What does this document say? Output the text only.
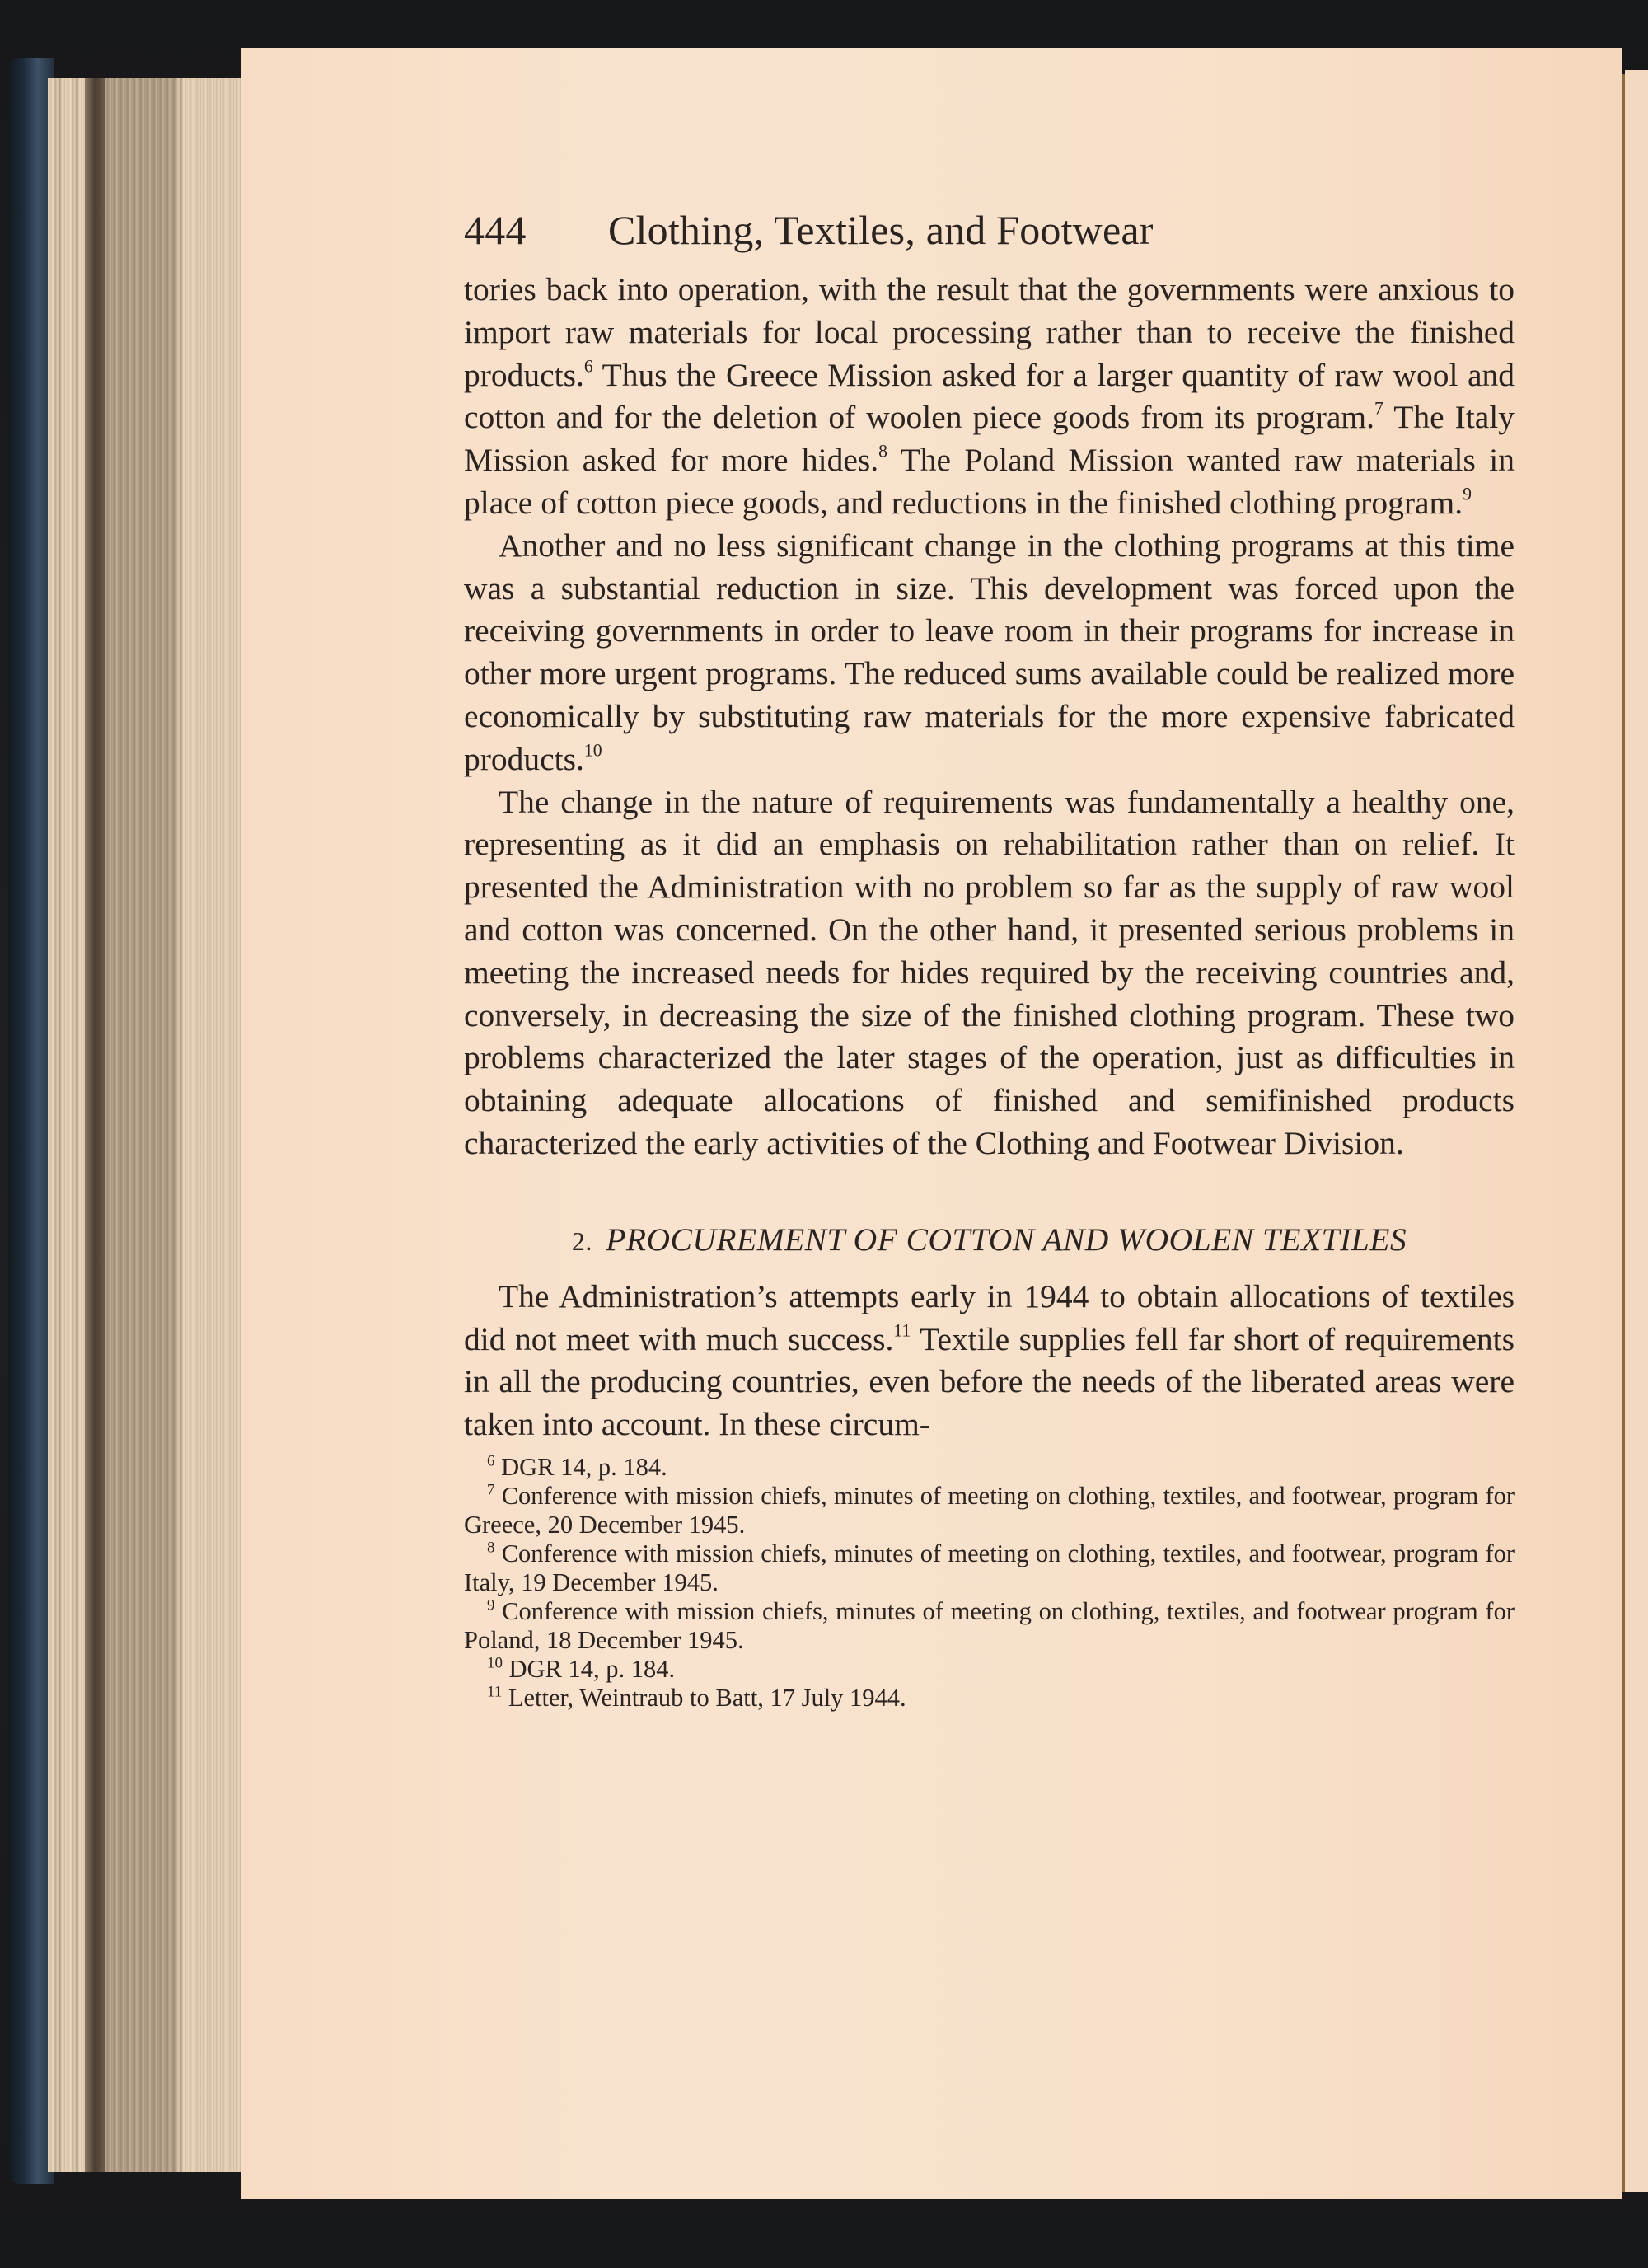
444	Clothing, Textiles, and Footwear

tories back into operation, with the result that the governments were anxious to import raw materials for local processing rather than to receive the finished products.$^6$ Thus the Greece Mission asked for a larger quantity of raw wool and cotton and for the deletion of woolen piece goods from its program.$^7$ The Italy Mission asked for more hides.$^8$ The Poland Mission wanted raw materials in place of cotton piece goods, and reductions in the finished clothing program.$^9$

Another and no less significant change in the clothing programs at this time was a substantial reduction in size. This development was forced upon the receiving governments in order to leave room in their programs for increase in other more urgent programs. The reduced sums available could be realized more economically by substituting raw materials for the more expensive fabricated products.$^{10}$

The change in the nature of requirements was fundamentally a healthy one, representing as it did an emphasis on rehabilitation rather than on relief. It presented the Administration with no problem so far as the supply of raw wool and cotton was concerned. On the other hand, it presented serious problems in meeting the increased needs for hides required by the receiving countries and, conversely, in decreasing the size of the finished clothing program. These two problems characterized the later stages of the operation, just as difficulties in obtaining adequate allocations of finished and semifinished products characterized the early activities of the Clothing and Footwear Division.

2. PROCUREMENT OF COTTON AND WOOLEN TEXTILES

The Administration’s attempts early in 1944 to obtain allocations of textiles did not meet with much success.$^{11}$ Textile supplies fell far short of requirements in all the producing countries, even before the needs of the liberated areas were taken into account. In these circum-

$^6$ DGR 14, p. 184.

$^7$ Conference with mission chiefs, minutes of meeting on clothing, textiles, and footwear, program for Greece, 20 December 1945.

$^8$ Conference with mission chiefs, minutes of meeting on clothing, textiles, and footwear, program for Italy, 19 December 1945.

$^9$ Conference with mission chiefs, minutes of meeting on clothing, textiles, and footwear program for Poland, 18 December 1945.

$^{10}$ DGR 14, p. 184.

$^{11}$ Letter, Weintraub to Batt, 17 July 1944.
